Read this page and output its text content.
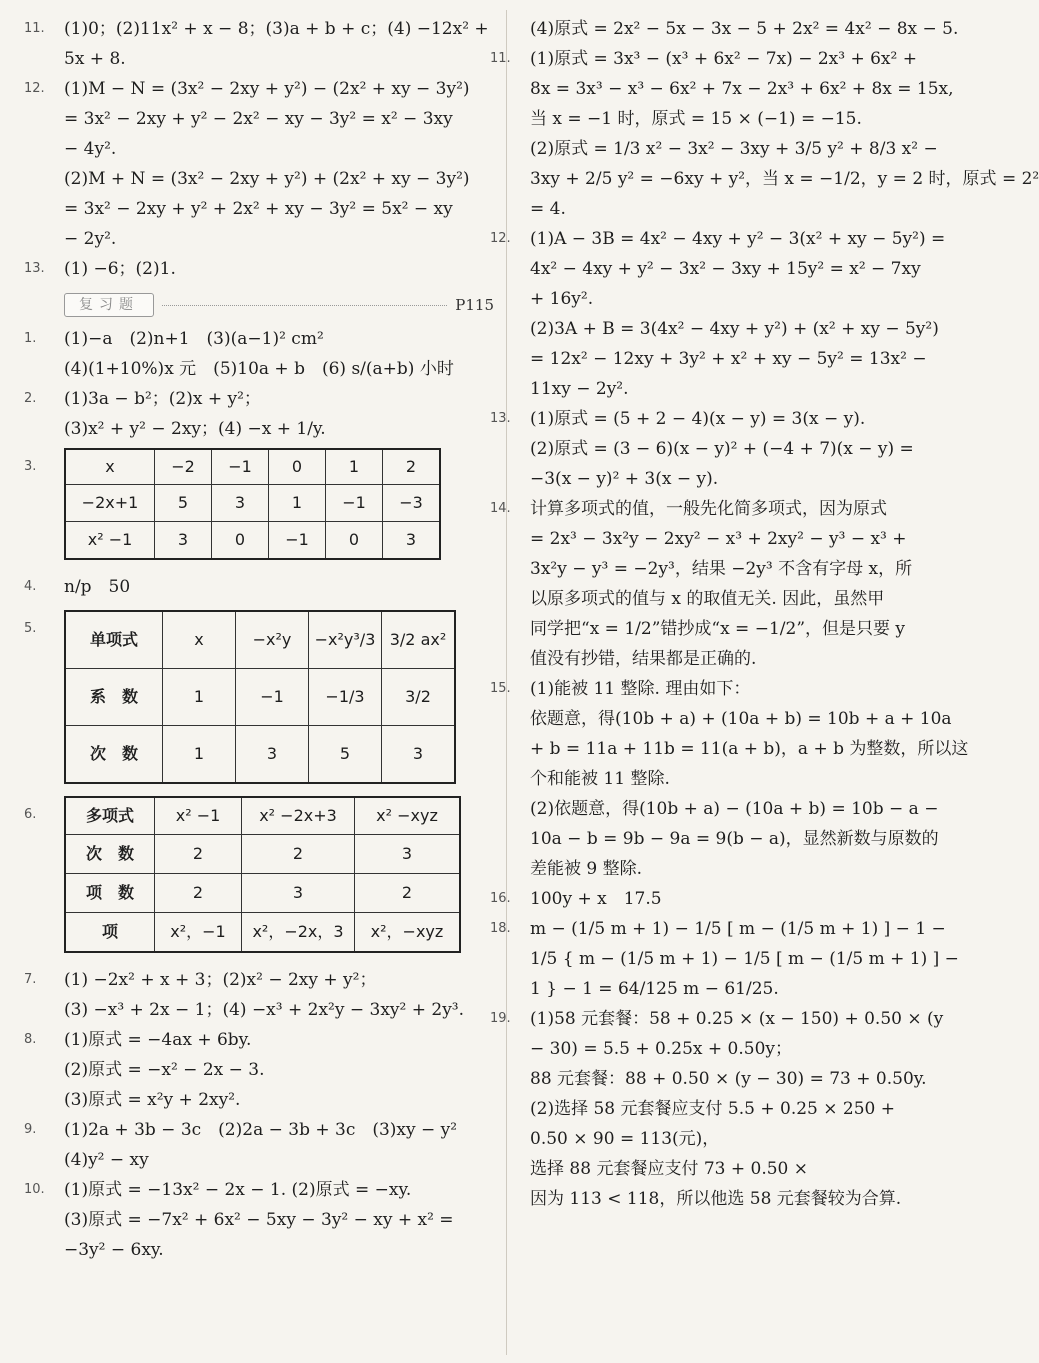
11.	(1)0；(2)11x² + x − 8；(3)a + b + c；(4) −12x² +
5x + 8.
12.	(1)M − N = (3x² − 2xy + y²) − (2x² + xy − 3y²)
= 3x² − 2xy + y² − 2x² − xy − 3y² = x² − 3xy
− 4y².
(2)M + N = (3x² − 2xy + y²) + (2x² + xy − 3y²)
= 3x² − 2xy + y² + 2x² + xy − 3y² = 5x² − xy
− 2y².
13.	(1) −6；(2)1.
复习题	P115
1.	(1)−a　(2)n+1　(3)(a−1)² cm²
(4)(1+10%)x 元　(5)10a + b　(6) s/(a+b) 小时
2.	(1)3a − b²；(2)x + y²；
(3)x² + y² − 2xy；(4) −x + 1/y.
3.	x	−2	−1	0	1	2
−2x+1	5	3	1	−1	−3
x² −1	3	0	−1	0	3
4.	n/p　50
5.
单项式	x	−x²y	−x²y³/3	3/2 ax²
系　数	1	−1	−1/3	3/2
次　数	1	3	5	3
6.	多项式	x² −1	x² −2x+3	x² −xyz
次　数	2	2	3
项　数	2	3	2
项	x²，−1	x²，−2x，3	x²，−xyz
7.	(1) −2x² + x + 3；(2)x² − 2xy + y²；
(3) −x³ + 2x − 1；(4) −x³ + 2x²y − 3xy² + 2y³.
8.	(1)原式 = −4ax + 6by.
(2)原式 = −x² − 2x − 3.
(3)原式 = x²y + 2xy².
9.	(1)2a + 3b − 3c　(2)2a − 3b + 3c　(3)xy − y²
(4)y² − xy
10.	(1)原式 = −13x² − 2x − 1. (2)原式 = −xy.
(3)原式 = −7x² + 6x² − 5xy − 3y² − xy + x² =
−3y² − 6xy.
(4)原式 = 2x² − 5x − 3x − 5 + 2x² = 4x² − 8x − 5.
11.	(1)原式 = 3x³ − (x³ + 6x² − 7x) − 2x³ + 6x² +
8x = 3x³ − x³ − 6x² + 7x − 2x³ + 6x² + 8x = 15x,
当 x = −1 时，原式 = 15 × (−1) = −15.
(2)原式 = 1/3 x² − 3x² − 3xy + 3/5 y² + 8/3 x² −
3xy + 2/5 y² = −6xy + y²，当 x = −1/2，y = 2 时，原式 = 2²
= 4.
12.	(1)A − 3B = 4x² − 4xy + y² − 3(x² + xy − 5y²) =
4x² − 4xy + y² − 3x² − 3xy + 15y² = x² − 7xy
+ 16y².
(2)3A + B = 3(4x² − 4xy + y²) + (x² + xy − 5y²)
= 12x² − 12xy + 3y² + x² + xy − 5y² = 13x² −
11xy − 2y².
13.	(1)原式 = (5 + 2 − 4)(x − y) = 3(x − y).
(2)原式 = (3 − 6)(x − y)² + (−4 + 7)(x − y) =
−3(x − y)² + 3(x − y).
14.	计算多项式的值，一般先化简多项式，因为原式
= 2x³ − 3x²y − 2xy² − x³ + 2xy² − y³ − x³ +
3x²y − y³ = −2y³，结果 −2y³ 不含有字母 x，所
以原多项式的值与 x 的取值无关. 因此，虽然甲
同学把“x = 1/2”错抄成“x = −1/2”，但是只要 y
值没有抄错，结果都是正确的.
15.	(1)能被 11 整除. 理由如下：
依题意，得(10b + a) + (10a + b) = 10b + a + 10a
+ b = 11a + 11b = 11(a + b)，a + b 为整数，所以这
个和能被 11 整除.
(2)依题意，得(10b + a) − (10a + b) = 10b − a −
10a − b = 9b − 9a = 9(b − a)，显然新数与原数的
差能被 9 整除.
16.	100y + x　17.5
18.	m − (1/5 m + 1) − 1/5 [ m − (1/5 m + 1) ] − 1 −
1/5 { m − (1/5 m + 1) − 1/5 [ m − (1/5 m + 1) ] −
1 } − 1 = 64/125 m − 61/25.
19.	(1)58 元套餐：58 + 0.25 × (x − 150) + 0.50 × (y
− 30) = 5.5 + 0.25x + 0.50y；
88 元套餐：88 + 0.50 × (y − 30) = 73 + 0.50y.
(2)选择 58 元套餐应支付 5.5 + 0.25 × 250 +
0.50 × 90 = 113(元)，
选择 88 元套餐应支付 73 + 0.50 ×
因为 113 < 118，所以他选 58 元套餐较为合算.
